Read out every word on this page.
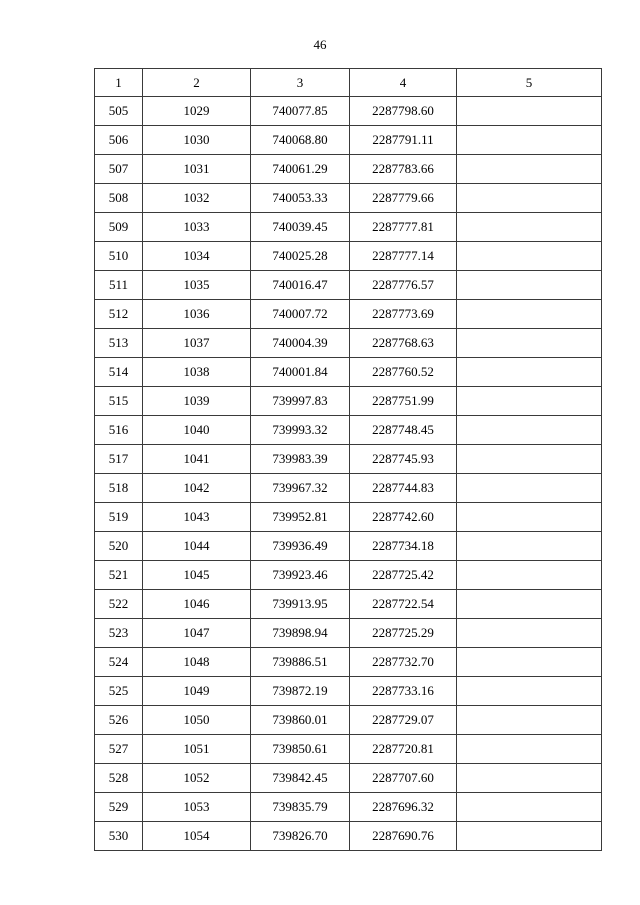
46
1	2	3	4	5
505	1029	740077.85	2287798.60	
506	1030	740068.80	2287791.11	
507	1031	740061.29	2287783.66	
508	1032	740053.33	2287779.66	
509	1033	740039.45	2287777.81	
510	1034	740025.28	2287777.14	
511	1035	740016.47	2287776.57	
512	1036	740007.72	2287773.69	
513	1037	740004.39	2287768.63	
514	1038	740001.84	2287760.52	
515	1039	739997.83	2287751.99	
516	1040	739993.32	2287748.45	
517	1041	739983.39	2287745.93	
518	1042	739967.32	2287744.83	
519	1043	739952.81	2287742.60	
520	1044	739936.49	2287734.18	
521	1045	739923.46	2287725.42	
522	1046	739913.95	2287722.54	
523	1047	739898.94	2287725.29	
524	1048	739886.51	2287732.70	
525	1049	739872.19	2287733.16	
526	1050	739860.01	2287729.07	
527	1051	739850.61	2287720.81	
528	1052	739842.45	2287707.60	
529	1053	739835.79	2287696.32	
530	1054	739826.70	2287690.76	
